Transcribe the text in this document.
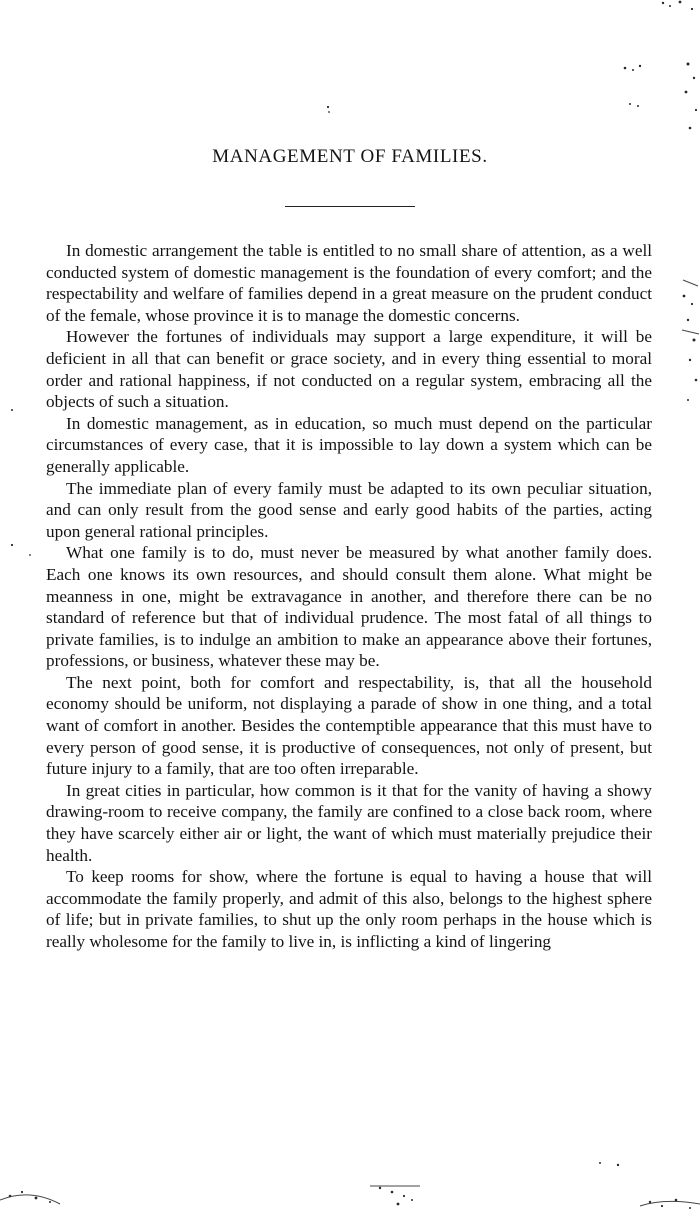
MANAGEMENT OF FAMILIES.

In domestic arrangement the table is entitled to no small share of attention, as a well conducted system of domestic management is the foundation of every comfort; and the respectability and welfare of families depend in a great measure on the prudent conduct of the female, whose province it is to manage the domestic concerns.

However the fortunes of individuals may support a large expenditure, it will be deficient in all that can benefit or grace society, and in every thing essential to moral order and rational happiness, if not conducted on a regular system, embracing all the objects of such a situation.

In domestic management, as in education, so much must depend on the particular circumstances of every case, that it is impossible to lay down a system which can be generally applicable.

The immediate plan of every family must be adapted to its own peculiar situation, and can only result from the good sense and early good habits of the parties, acting upon general rational principles.

What one family is to do, must never be measured by what another family does. Each one knows its own resources, and should consult them alone. What might be meanness in one, might be extravagance in another, and therefore there can be no standard of reference but that of individual prudence. The most fatal of all things to private families, is to indulge an ambition to make an appearance above their fortunes, professions, or business, whatever these may be.

The next point, both for comfort and respectability, is, that all the household economy should be uniform, not displaying a parade of show in one thing, and a total want of comfort in another. Besides the contemptible appearance that this must have to every person of good sense, it is productive of consequences, not only of present, but future injury to a family, that are too often irreparable.

In great cities in particular, how common is it that for the vanity of having a showy drawing-room to receive company, the family are confined to a close back room, where they have scarcely either air or light, the want of which must materially prejudice their health.

To keep rooms for show, where the fortune is equal to having a house that will accommodate the family properly, and admit of this also, belongs to the highest sphere of life; but in private families, to shut up the only room perhaps in the house which is really wholesome for the family to live in, is inflicting a kind of lingering
